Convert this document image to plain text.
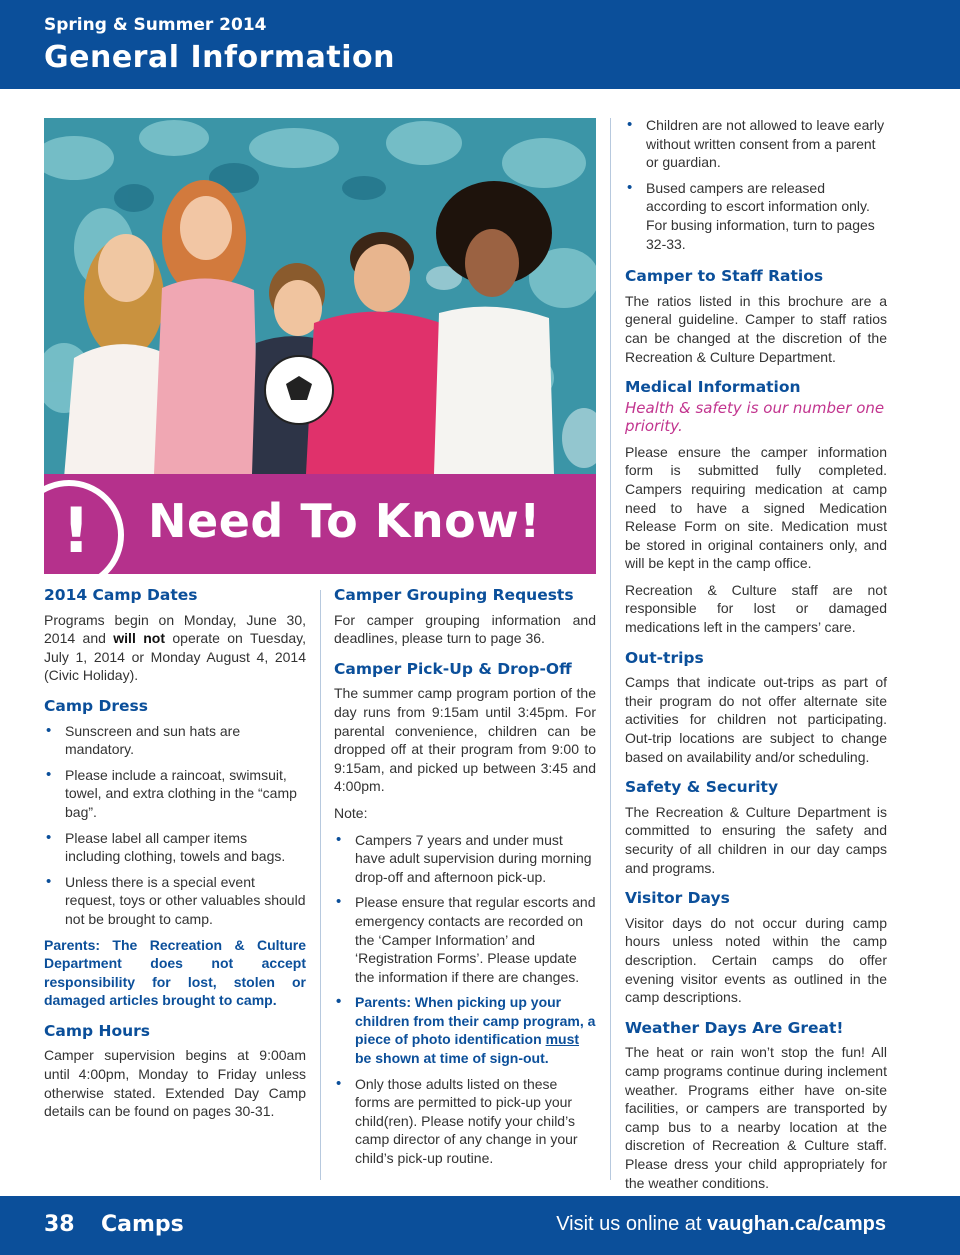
Spring & Summer 2014
General Information
! Need To Know!
2014 Camp Dates

Programs begin on Monday, June 30, 2014 and will not operate on Tuesday, July 1, 2014 or Monday August 4, 2014 (Civic Holiday).

Camp Dress
• Sunscreen and sun hats are mandatory.
• Please include a raincoat, swimsuit, towel, and extra clothing in the “camp bag”.
• Please label all camper items including clothing, towels and bags.
• Unless there is a special event request, toys or other valuables should not be brought to camp.

Parents: The Recreation & Culture Department does not accept responsibility for lost, stolen or damaged articles brought to camp.

Camp Hours

Camper supervision begins at 9:00am until 4:00pm, Monday to Friday unless otherwise stated. Extended Day Camp details can be found on pages 30-31.

Camper Grouping Requests

For camper grouping information and deadlines, please turn to page 36.

Camper Pick-Up & Drop-Off

The summer camp program portion of the day runs from 9:15am until 3:45pm. For parental convenience, children can be dropped off at their program from 9:00 to 9:15am, and picked up between 3:45 and 4:00pm.

Note:

• Campers 7 years and under must have adult supervision during morning drop-off and afternoon pick-up.
• Please ensure that regular escorts and emergency contacts are recorded on the ‘Camper Information’ and ‘Registration Forms’. Please update the information if there are changes.
• Parents: When picking up your children from their camp program, a piece of photo identification must be shown at time of sign-out.
• Only those adults listed on these forms are permitted to pick-up your child(ren). Please notify your child’s camp director of any change in your child’s pick-up routine.
• Children are not allowed to leave early without written consent from a parent or guardian.
• Bused campers are released according to escort information only. For busing information, turn to pages 32-33.
Camper to Staff Ratios

The ratios listed in this brochure are a general guideline. Camper to staff ratios can be changed at the discretion of the Recreation & Culture Department.

Medical Information
Health & safety is our number one priority.

Please ensure the camper information form is submitted fully completed. Campers requiring medication at camp need to have a signed Medication Release Form on site. Medication must be stored in original containers only, and will be kept in the camp office.

Recreation & Culture staff are not responsible for lost or damaged medications left in the campers’ care.

Out-trips

Camps that indicate out-trips as part of their program do not offer alternate site activities for children not participating. Out-trip locations are subject to change based on availability and/or scheduling.

Safety & Security

The Recreation & Culture Department is committed to ensuring the safety and security of all children in our day camps and programs.

Visitor Days

Visitor days do not occur during camp hours unless noted within the camp description. Certain camps do offer evening visitor events as outlined in the camp descriptions.

Weather Days Are Great!

The heat or rain won’t stop the fun! All camp programs continue during inclement weather. Programs either have on-site facilities, or campers are transported by camp bus to a nearby location at the discretion of Recreation & Culture staff. Please dress your child appropriately for the weather conditions.

38 Camps	Visit us online at vaughan.ca/camps
